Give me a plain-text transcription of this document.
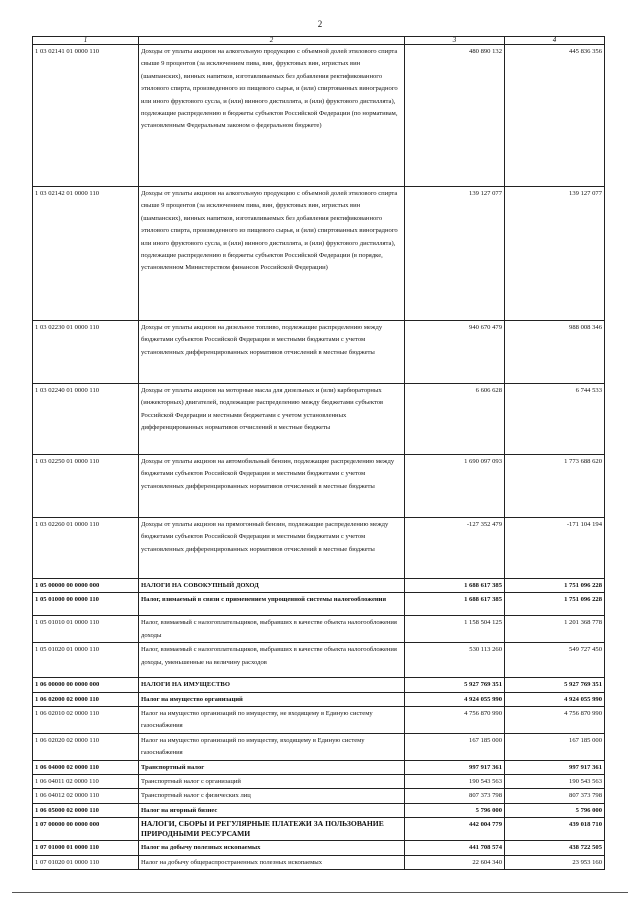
2
1	2	3	4
1 03 02141 01 0000 110	Доходы от уплаты акцизов на алкогольную продукцию с объемной долей этилового спирта свыше 9 процентов (за исключением пива, вин, фруктовых вин, игристых вин (шампанских), винных напитков, изготавливаемых без добавления ректификованного этилового спирта, произведенного из пищевого сырья, и (или) спиртованных виноградного или иного фруктового сусла, и (или) винного дистиллята, и (или) фруктового дистиллята), подлежащие распределению в бюджеты субъектов Российской Федерации (по нормативам, установленным Федеральным законом о федеральном бюджете)	480 890 132	445 836 356
1 03 02142 01 0000 110	Доходы от уплаты акцизов на алкогольную продукцию с объемной долей этилового спирта свыше 9 процентов (за исключением пива, вин, фруктовых вин, игристых вин (шампанских), винных напитков, изготавливаемых без добавления ректификованного этилового спирта, произведенного из пищевого сырья, и (или) спиртованных виноградного или иного фруктового сусла, и (или) винного дистиллята, и (или) фруктового дистиллята), подлежащие распределению в бюджеты субъектов Российской Федерации (в порядке, установленном Министерством финансов Российской Федерации)	139 127 077	139 127 077
1 03 02230 01 0000 110	Доходы от уплаты акцизов на дизельное топливо, подлежащие распределению между бюджетами субъектов Российской Федерации и местными бюджетами с учетом установленных дифференцированных нормативов отчислений в местные бюджеты	940 670 479	988 008 346
1 03 02240 01 0000 110	Доходы от уплаты акцизов на моторные масла для дизельных и (или) карбюраторных (инжекторных) двигателей, подлежащие распределению между бюджетами субъектов Российской Федерации и местными бюджетами с учетом установленных дифференцированных нормативов отчислений в местные бюджеты	6 606 628	6 744 533
1 03 02250 01 0000 110	Доходы от уплаты акцизов на автомобильный бензин, подлежащие распределению между бюджетами субъектов Российской Федерации и местными бюджетами с учетом установленных дифференцированных нормативов отчислений в местные бюджеты	1 690 097 093	1 773 688 620
1 03 02260 01 0000 110	Доходы от уплаты акцизов на прямогонный бензин, подлежащие распределению между бюджетами субъектов Российской Федерации и местными бюджетами с учетом установленных дифференцированных нормативов отчислений в местные бюджеты	-127 352 479	-171 104 194
1 05 00000 00 0000 000	НАЛОГИ НА СОВОКУПНЫЙ ДОХОД	1 688 617 385	1 751 096 228
1 05 01000 00 0000 110	Налог, взимаемый в связи с применением упрощенной системы налогообложения	1 688 617 385	1 751 096 228
1 05 01010 01 0000 110	Налог, взимаемый с налогоплательщиков, выбравших в качестве объекта налогообложения доходы	1 158 504 125	1 201 368 778
1 05 01020 01 0000 110	Налог, взимаемый с налогоплательщиков, выбравших в качестве объекта налогообложения доходы, уменьшенные на величину расходов	530 113 260	549 727 450
1 06 00000 00 0000 000	НАЛОГИ НА ИМУЩЕСТВО	5 927 769 351	5 927 769 351
1 06 02000 02 0000 110	Налог на имущество организаций	4 924 055 990	4 924 055 990
1 06 02010 02 0000 110	Налог на имущество организаций по имуществу, не входящему в Единую систему газоснабжения	4 756 870 990	4 756 870 990
1 06 02020 02 0000 110	Налог на имущество организаций по имуществу, входящему в Единую систему газоснабжения	167 185 000	167 185 000
1 06 04000 02 0000 110	Транспортный налог	997 917 361	997 917 361
1 06 04011 02 0000 110	Транспортный налог с организаций	190 543 563	190 543 563
1 06 04012 02 0000 110	Транспортный налог с физических лиц	807 373 798	807 373 798
1 06 05000 02 0000 110	Налог на игорный бизнес	5 796 000	5 796 000
1 07 00000 00 0000 000	НАЛОГИ, СБОРЫ И РЕГУЛЯРНЫЕ ПЛАТЕЖИ ЗА ПОЛЬЗОВАНИЕ ПРИРОДНЫМИ РЕСУРСАМИ	442 004 779	439 018 710
1 07 01000 01 0000 110	Налог на добычу полезных ископаемых	441 708 574	438 722 505
1 07 01020 01 0000 110	Налог на добычу общераспространенных полезных ископаемых	22 604 340	23 953 160
